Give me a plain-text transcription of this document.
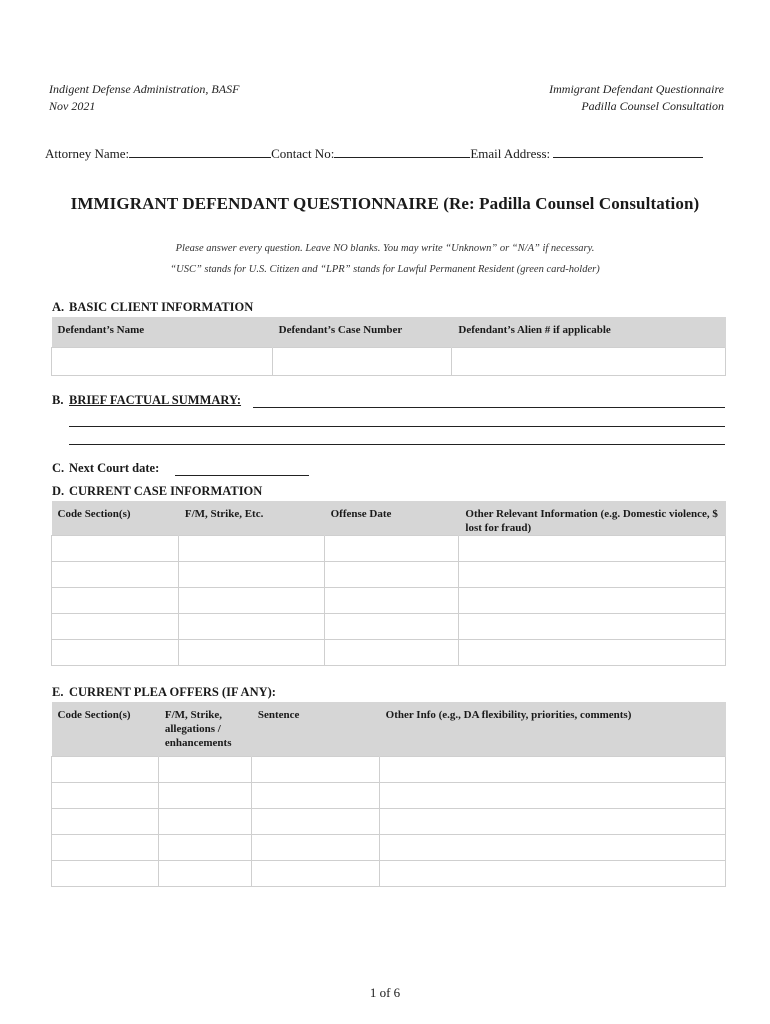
Indigent Defense Administration, BASF
Nov 2021
Immigrant Defendant Questionnaire
Padilla Counsel Consultation
Attorney Name:	Contact No:	Email Address:
IMMIGRANT DEFENDANT QUESTIONNAIRE (Re: Padilla Counsel Consultation)
Please answer every question. Leave NO blanks. You may write “Unknown” or “N/A” if necessary.
“USC” stands for U.S. Citizen and “LPR” stands for Lawful Permanent Resident (green card-holder)
A. BASIC CLIENT INFORMATION
Defendant’s Name	Defendant’s Case Number	Defendant’s Alien # if applicable

B. BRIEF FACTUAL SUMMARY:
C. Next Court date:
D. CURRENT CASE INFORMATION
Code Section(s)	F/M, Strike, Etc.	Offense Date	Other Relevant Information (e.g. Domestic violence, $ lost for fraud)

E. CURRENT PLEA OFFERS (IF ANY):
Code Section(s)	F/M, Strike, allegations / enhancements	Sentence	Other Info (e.g., DA flexibility, priorities, comments)

1 of 6
